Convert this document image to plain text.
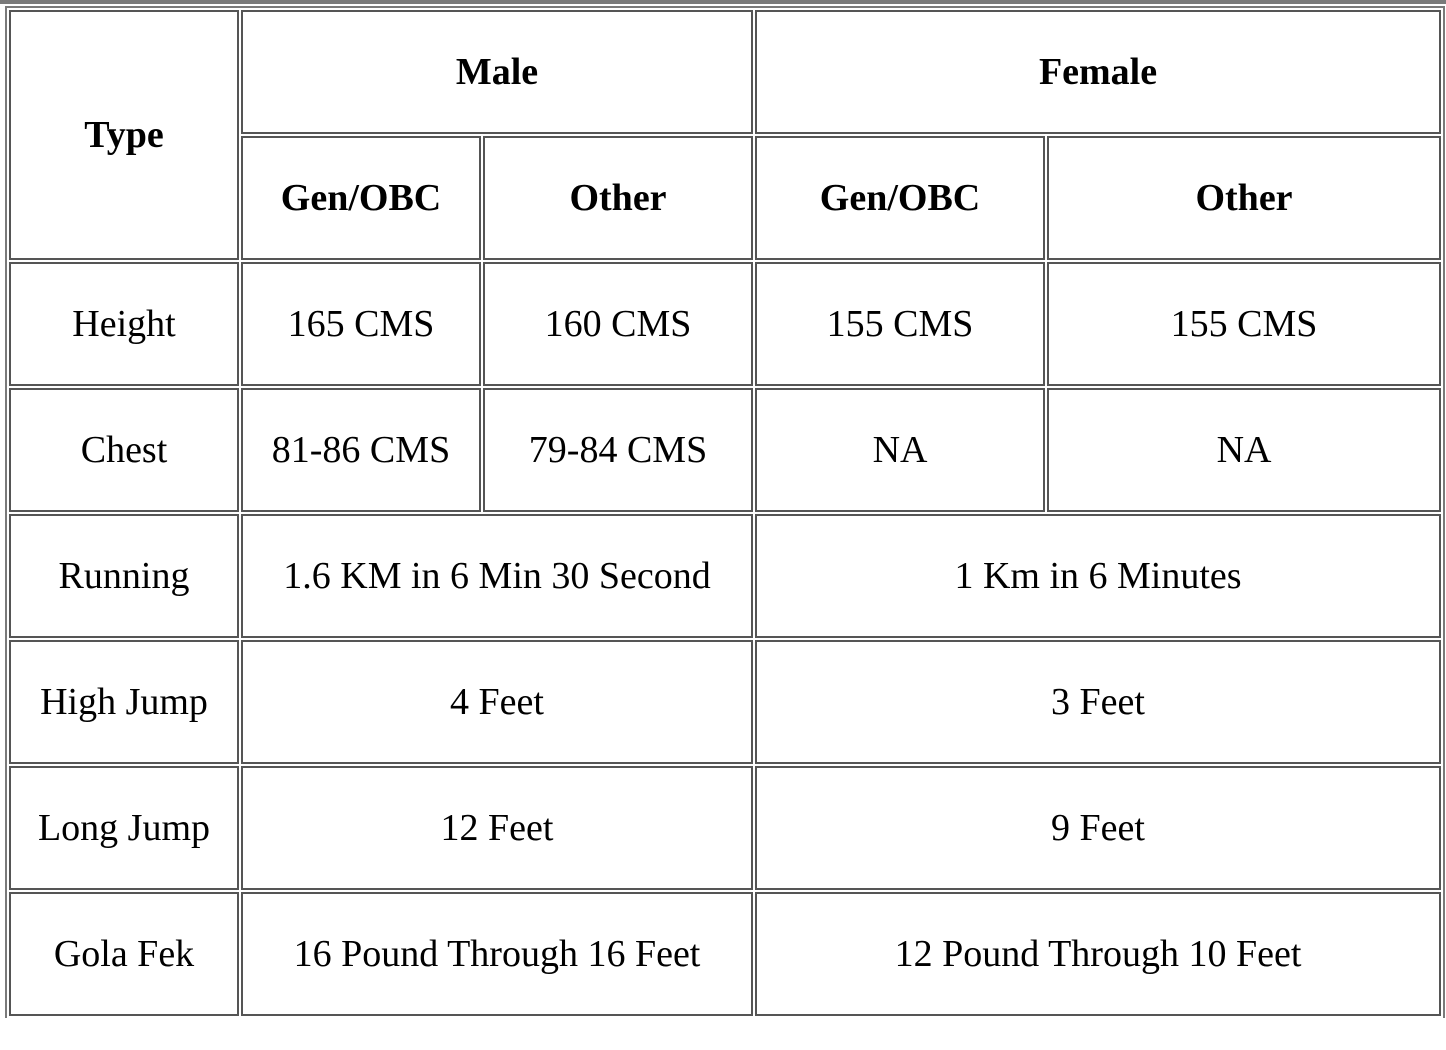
Type	Male		Female	
	Gen/OBC	Other	Gen/OBC	Other
Height	165 CMS	160 CMS	155 CMS	155 CMS
Chest	81-86 CMS	79-84 CMS	NA	NA
Running	1.6 KM in 6 Min 30 Second		1 Km in 6 Minutes	
High Jump	4 Feet		3 Feet	
Long Jump	12 Feet		9 Feet	
Gola Fek	16 Pound Through 16 Feet		12 Pound Through 10 Feet	
